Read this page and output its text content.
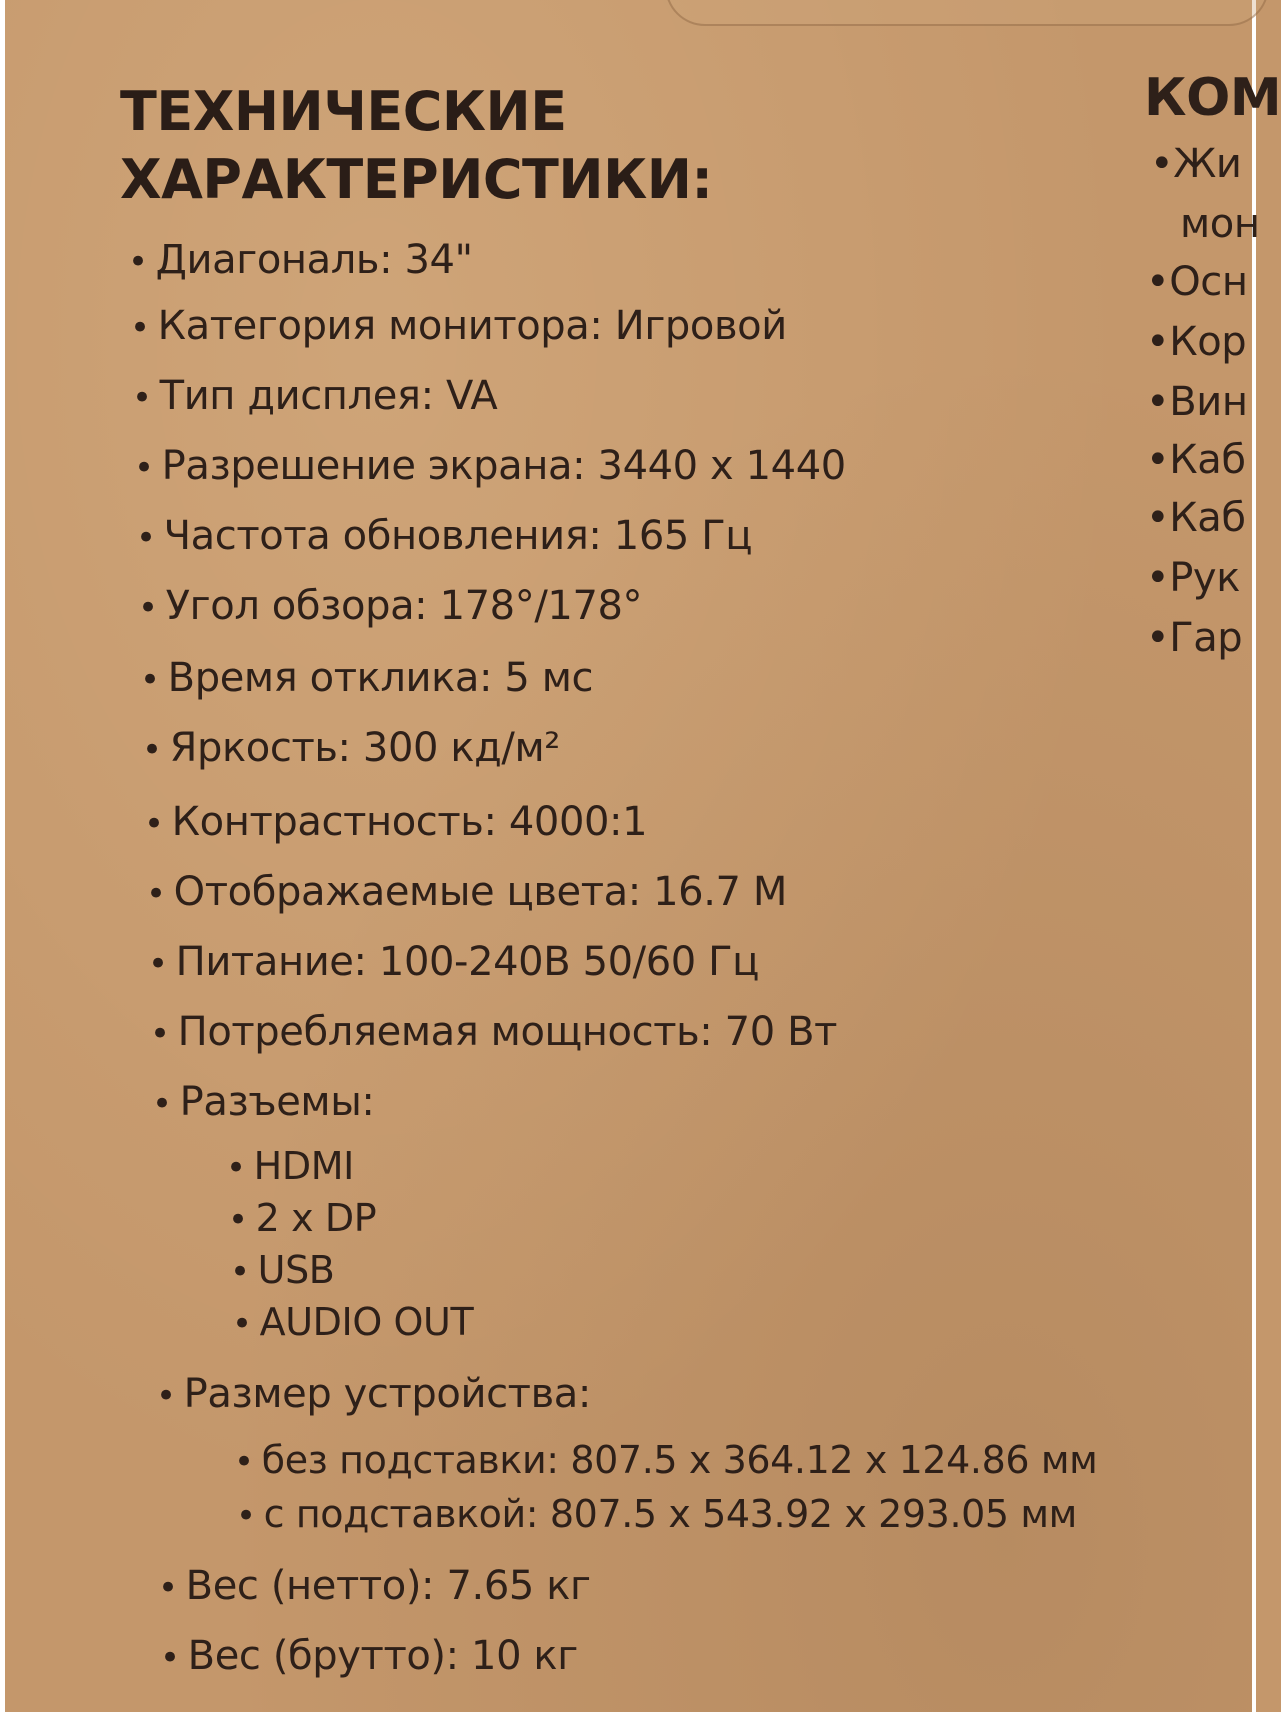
ТЕХНИЧЕСКИЕ
ХАРАКТЕРИСТИКИ:
• Диагональ: 34"
• Категория монитора: Игровой
• Тип дисплея: VA
• Разрешение экрана: 3440 x 1440
• Частота обновления: 165 Гц
• Угол обзора: 178°/178°
• Время отклика: 5 мс
• Яркость: 300 кд/м²
• Контрастность: 4000:1
• Отображаемые цвета: 16.7 M
• Питание: 100-240В 50/60 Гц
• Потребляемая мощность: 70 Вт
• Разъемы:
• HDMI
• 2 x DP
• USB
• AUDIO OUT
• Размер устройства:
• без подставки: 807.5 x 364.12 x 124.86 мм
• с подставкой: 807.5 x 543.92 x 293.05 мм
• Вес (нетто): 7.65 кг
• Вес (брутто): 10 кг
КОМ
•Жи
мон
•Осн
•Кор
•Вин
•Каб
•Каб
•Рук
•Гар
